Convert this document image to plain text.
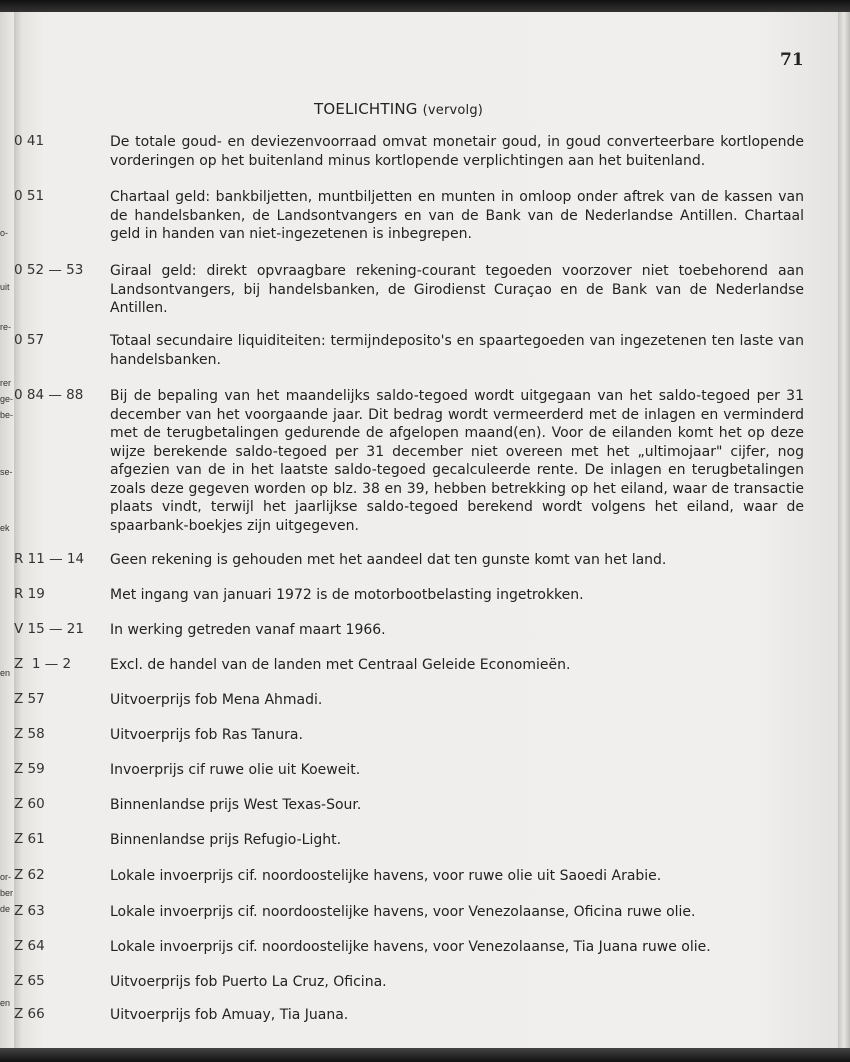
o-
uit
re-
rer
ge-
be-
se-
ek
en
or-
ber
de
en
71
TOELICHTING (vervolg)
0 41	De totale goud- en deviezenvoorraad omvat monetair goud, in goud converteerbare kortlopende vorderingen op het buitenland minus kortlopende verplichtingen aan het buitenland.
0 51	Chartaal geld: bankbiljetten, muntbiljetten en munten in omloop onder aftrek van de kassen van de handelsbanken, de Landsontvangers en van de Bank van de Nederlandse Antillen. Chartaal geld in handen van niet-ingezetenen is inbegrepen.
0 52 — 53 Giraal geld: direkt opvraagbare rekening-courant tegoeden voorzover niet toebehorend aan Landsontvangers, bij handelsbanken, de Girodienst Curaçao en de Bank van de Nederlandse Antillen.
0 57	Totaal secundaire liquiditeiten: termijndeposito's en spaartegoeden van ingezetenen ten laste van handelsbanken.
0 84 — 88 Bij de bepaling van het maandelijks saldo-tegoed wordt uitgegaan van het saldo-tegoed per 31 december van het voorgaande jaar. Dit bedrag wordt vermeerderd met de inlagen en verminderd met de terugbetalingen gedurende de afgelopen maand(en). Voor de eilanden komt het op deze wijze berekende saldo-tegoed per 31 december niet overeen met het „ultimojaar" cijfer, nog afgezien van de in het laatste saldo-tegoed gecalculeerde rente. De inlagen en terugbetalingen zoals deze gegeven worden op blz. 38 en 39, hebben betrekking op het eiland, waar de transactie plaats vindt, terwijl het jaarlijkse saldo-tegoed berekend wordt volgens het eiland, waar de spaarbank-boekjes zijn uitgegeven.
R 11 — 14 Geen rekening is gehouden met het aandeel dat ten gunste komt van het land.
R 19	Met ingang van januari 1972 is de motorbootbelasting ingetrokken.
V 15 — 21 In werking getreden vanaf maart 1966.
Z  1 — 2	Excl. de handel van de landen met Centraal Geleide Economieën.
Z 57	Uitvoerprijs fob Mena Ahmadi.
Z 58	Uitvoerprijs fob Ras Tanura.
Z 59	Invoerprijs cif ruwe olie uit Koeweit.
Z 60	Binnenlandse prijs West Texas-Sour.
Z 61	Binnenlandse prijs Refugio-Light.
Z 62	Lokale invoerprijs cif. noordoostelijke havens, voor ruwe olie uit Saoedi Arabie.
Z 63	Lokale invoerprijs cif. noordoostelijke havens, voor Venezolaanse, Oficina ruwe olie.
Z 64	Lokale invoerprijs cif. noordoostelijke havens, voor Venezolaanse, Tia Juana ruwe olie.
Z 65	Uitvoerprijs fob Puerto La Cruz, Oficina.
Z 66	Uitvoerprijs fob Amuay, Tia Juana.
